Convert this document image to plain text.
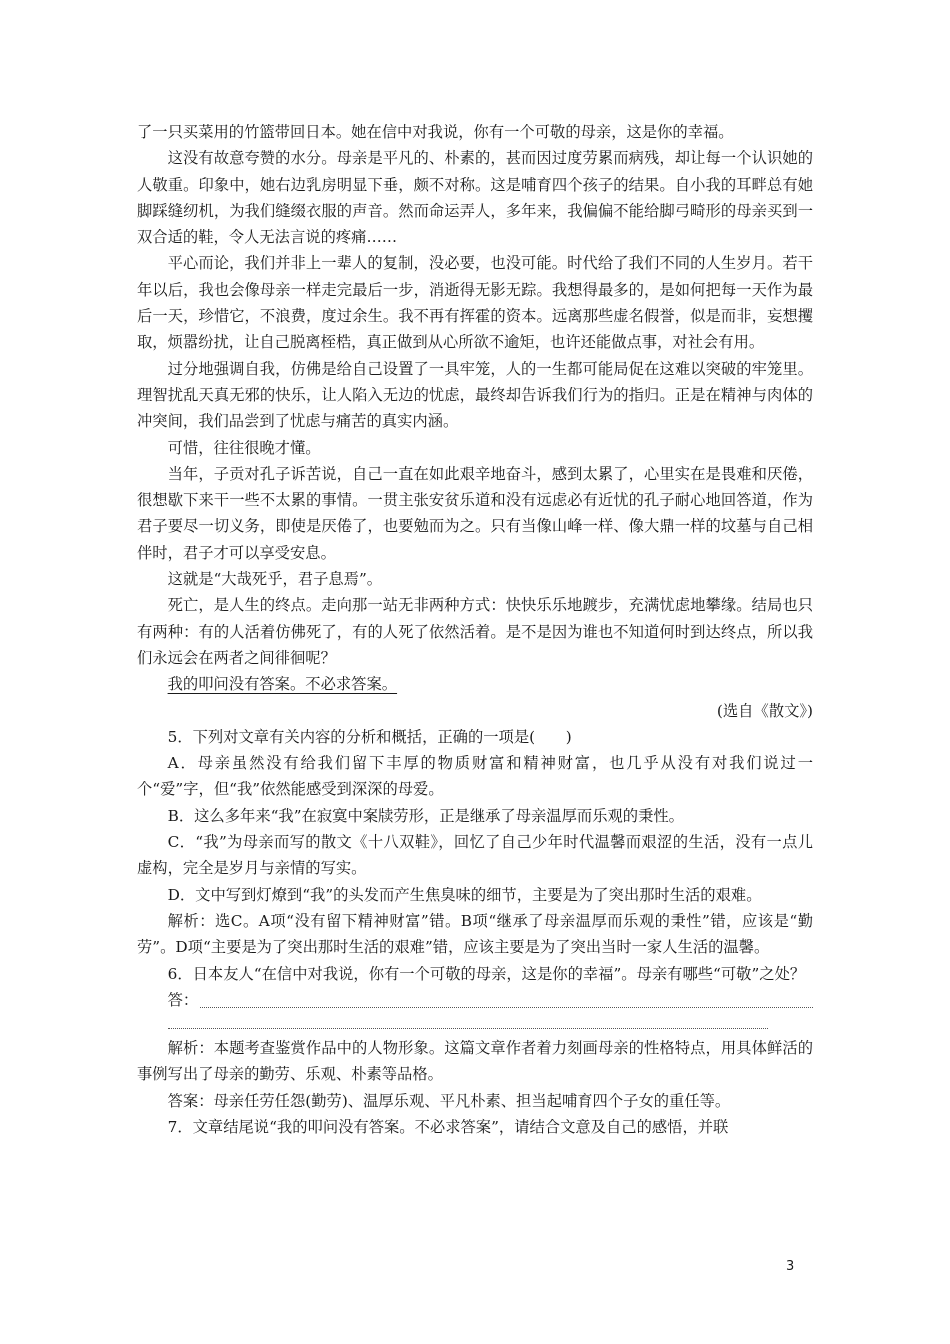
了一只买菜用的竹篮带回日本。她在信中对我说，你有一个可敬的母亲，这是你的幸福。

这没有故意夸赞的水分。母亲是平凡的、朴素的，甚而因过度劳累而病残，却让每一个认识她的人敬重。印象中，她右边乳房明显下垂，颇不对称。这是哺育四个孩子的结果。自小我的耳畔总有她脚踩缝纫机，为我们缝缀衣服的声音。然而命运弄人，多年来，我偏偏不能给脚弓畸形的母亲买到一双合适的鞋，令人无法言说的疼痛……

平心而论，我们并非上一辈人的复制，没必要，也没可能。时代给了我们不同的人生岁月。若干年以后，我也会像母亲一样走完最后一步，消逝得无影无踪。我想得最多的，是如何把每一天作为最后一天，珍惜它，不浪费，度过余生。我不再有挥霍的资本。远离那些虚名假誉，似是而非，妄想攫取，烦嚣纷扰，让自己脱离桎梏，真正做到从心所欲不逾矩，也许还能做点事，对社会有用。

过分地强调自我，仿佛是给自己设置了一具牢笼，人的一生都可能局促在这难以突破的牢笼里。理智扰乱天真无邪的快乐，让人陷入无边的忧虑，最终却告诉我们行为的指归。正是在精神与肉体的冲突间，我们品尝到了忧虑与痛苦的真实内涵。

可惜，往往很晚才懂。

当年，子贡对孔子诉苦说，自己一直在如此艰辛地奋斗，感到太累了，心里实在是畏难和厌倦，很想歇下来干一些不太累的事情。一贯主张安贫乐道和没有远虑必有近忧的孔子耐心地回答道，作为君子要尽一切义务，即使是厌倦了，也要勉而为之。只有当像山峰一样、像大鼎一样的坟墓与自己相伴时，君子才可以享受安息。

这就是“大哉死乎，君子息焉”。

死亡，是人生的终点。走向那一站无非两种方式：快快乐乐地踱步，充满忧虑地攀缘。结局也只有两种：有的人活着仿佛死了，有的人死了依然活着。是不是因为谁也不知道何时到达终点，所以我们永远会在两者之间徘徊呢？

我的叩问没有答案。不必求答案。

(选自《散文》)

5．下列对文章有关内容的分析和概括，正确的一项是(　　)

A．母亲虽然没有给我们留下丰厚的物质财富和精神财富，也几乎从没有对我们说过一个“爱”字，但“我”依然能感受到深深的母爱。

B．这么多年来“我”在寂寞中案牍劳形，正是继承了母亲温厚而乐观的秉性。

C．“我”为母亲而写的散文《十八双鞋》，回忆了自己少年时代温馨而艰涩的生活，没有一点儿虚构，完全是岁月与亲情的写实。

D．文中写到灯燎到“我”的头发而产生焦臭味的细节，主要是为了突出那时生活的艰难。

解析：选C。A项“没有留下精神财富”错。B项“继承了母亲温厚而乐观的秉性”错，应该是“勤劳”。D项“主要是为了突出那时生活的艰难”错，应该主要是为了突出当时一家人生活的温馨。

6．日本友人“在信中对我说，你有一个可敬的母亲，这是你的幸福”。母亲有哪些“可敬”之处？

答：

解析：本题考查鉴赏作品中的人物形象。这篇文章作者着力刻画母亲的性格特点，用具体鲜活的事例写出了母亲的勤劳、乐观、朴素等品格。

答案：母亲任劳任怨(勤劳)、温厚乐观、平凡朴素、担当起哺育四个子女的重任等。

7．文章结尾说“我的叩问没有答案。不必求答案”，请结合文意及自己的感悟，并联

3
